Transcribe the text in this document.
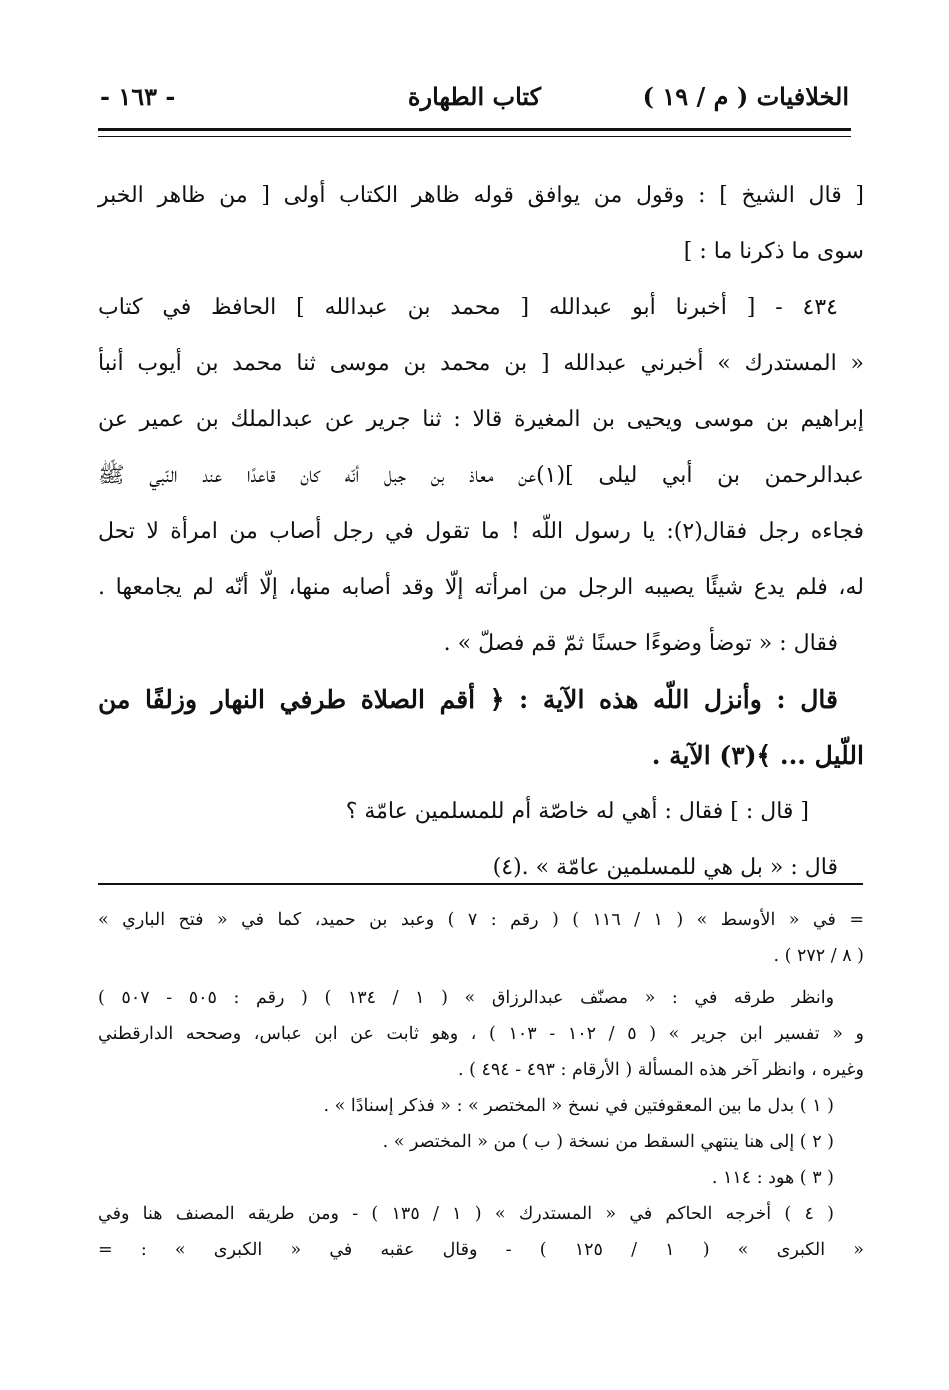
الخلافيات ( م / ١٩ )
كتاب الطهارة
- ١٦٣ -
[ قال الشيخ ] : وقول من يوافق قوله ظاهر الكتاب أولى [ من ظاهر الخبر
سوى ما ذكرنا ما : ]
٤٣٤ - [ أخبرنا أبو عبدالله [ محمد بن عبدالله ] الحافظ في كتاب
« المستدرك » أخبرني عبدالله [ بن محمد بن موسى ثنا محمد بن أيوب أنبأ
إبراهيم بن موسى ويحيى بن المغيرة قالا : ثنا جرير عن عبدالملك بن عمير عن
عبدالرحمن بن أبي ليلى ](١)عن معاذ بن جبل أنّه كان قاعدًا عند النّبي ﷺ
فجاءه رجل فقال(٢): يا رسول اللّه ! ما تقول في رجل أصاب من امرأة لا تحل
له، فلم يدع شيئًا يصيبه الرجل من امرأته إلّا وقد أصابه منها، إلّا أنّه لم يجامعها .
فقال : « توضأ وضوءًا حسنًا ثمّ قم فصلّ » .
قال : وأنزل اللّه هذه الآية : ﴿ أقم الصلاة طرفي النهار وزلفًا من
اللّيل ... ﴾(٣) الآية .
[ قال : ] فقال : أهي له خاصّة أم للمسلمين عامّة ؟
قال : « بل هي للمسلمين عامّة » .(٤)
= في « الأوسط » ( ١ / ١١٦ ) ( رقم : ٧ ) وعبد بن حميد، كما في « فتح الباري »
( ٨ / ٢٧٢ ) .
وانظر طرقه في : « مصنّف عبدالرزاق » ( ١ / ١٣٤ ) ( رقم : ٥٠٥ - ٥٠٧ )
و « تفسير ابن جرير » ( ٥ / ١٠٢ - ١٠٣ ) ، وهو ثابت عن ابن عباس، وصححه الدارقطني
وغيره ، وانظر آخر هذه المسألة ( الأرقام : ٤٩٣ - ٤٩٤ ) .
( ١ ) بدل ما بين المعقوفتين في نسخ « المختصر » : « فذكر إسنادًا » .
( ٢ ) إلى هنا ينتهي السقط من نسخة ( ب ) من « المختصر » .
( ٣ ) هود : ١١٤ .
( ٤ ) أخرجه الحاكم في « المستدرك » ( ١ / ١٣٥ ) - ومن طريقه المصنف هنا وفي
« الكبرى » ( ١ / ١٢٥ ) - وقال عقبه في « الكبرى » : =
